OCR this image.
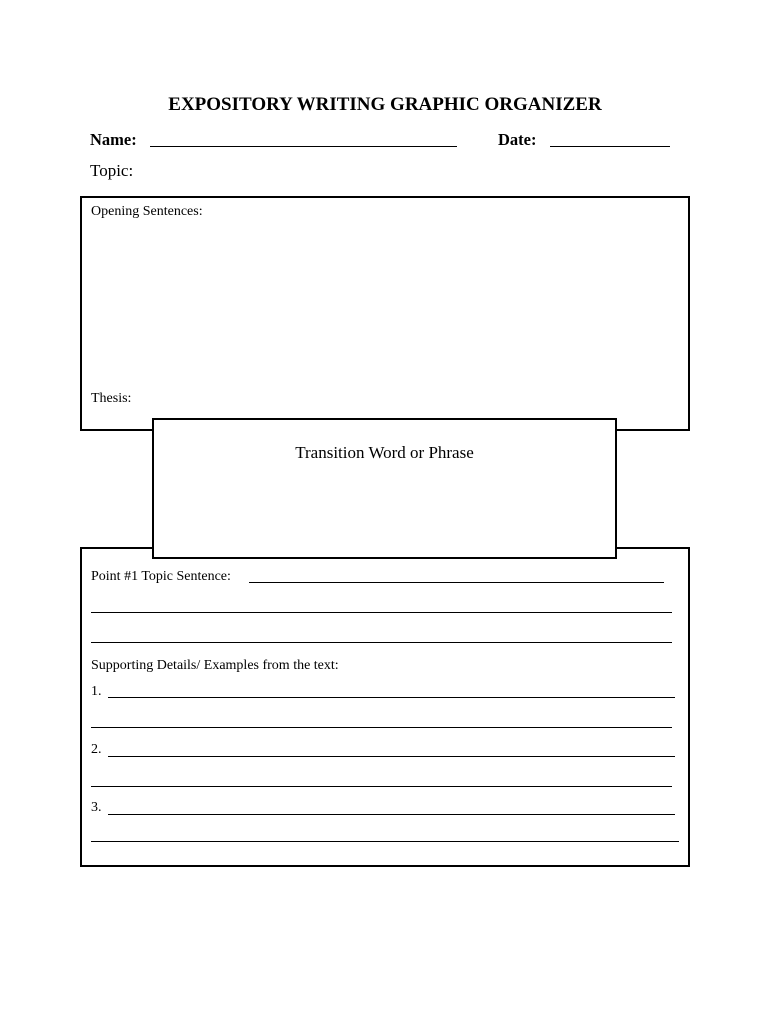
EXPOSITORY WRITING GRAPHIC ORGANIZER
Name:	Date:
Topic:
Opening Sentences:
Thesis:
Transition Word or Phrase
Point #1 Topic Sentence:
Supporting Details/ Examples from the text:
1.
2.
3.
